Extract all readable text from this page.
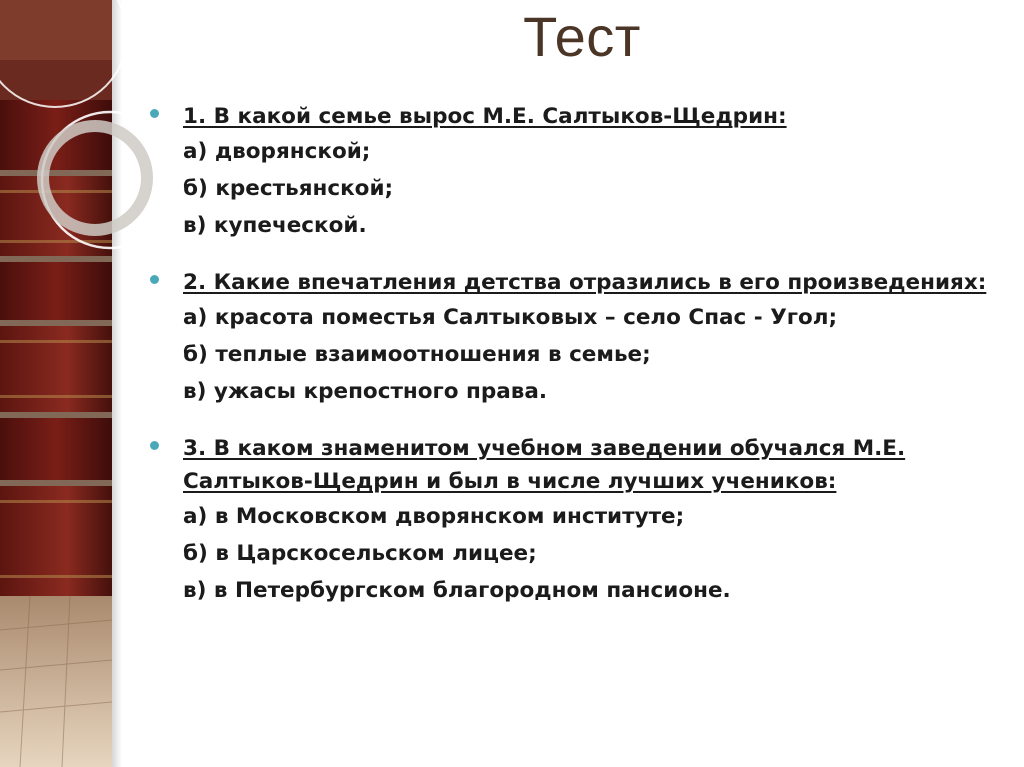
Тест
1. В какой семье вырос М.Е. Салтыков-Щедрин:
а) дворянской;
б) крестьянской;
в) купеческой.
2. Какие впечатления детства отразились в его произведениях:
а) красота поместья Салтыковых – село Спас - Угол;
б) теплые взаимоотношения в семье;
в) ужасы крепостного права.
3. В каком знаменитом учебном заведении обучался М.Е. Салтыков-Щедрин и был в числе лучших учеников:
а) в Московском дворянском институте;
б) в Царскосельском лицее;
в) в Петербургском благородном пансионе.
